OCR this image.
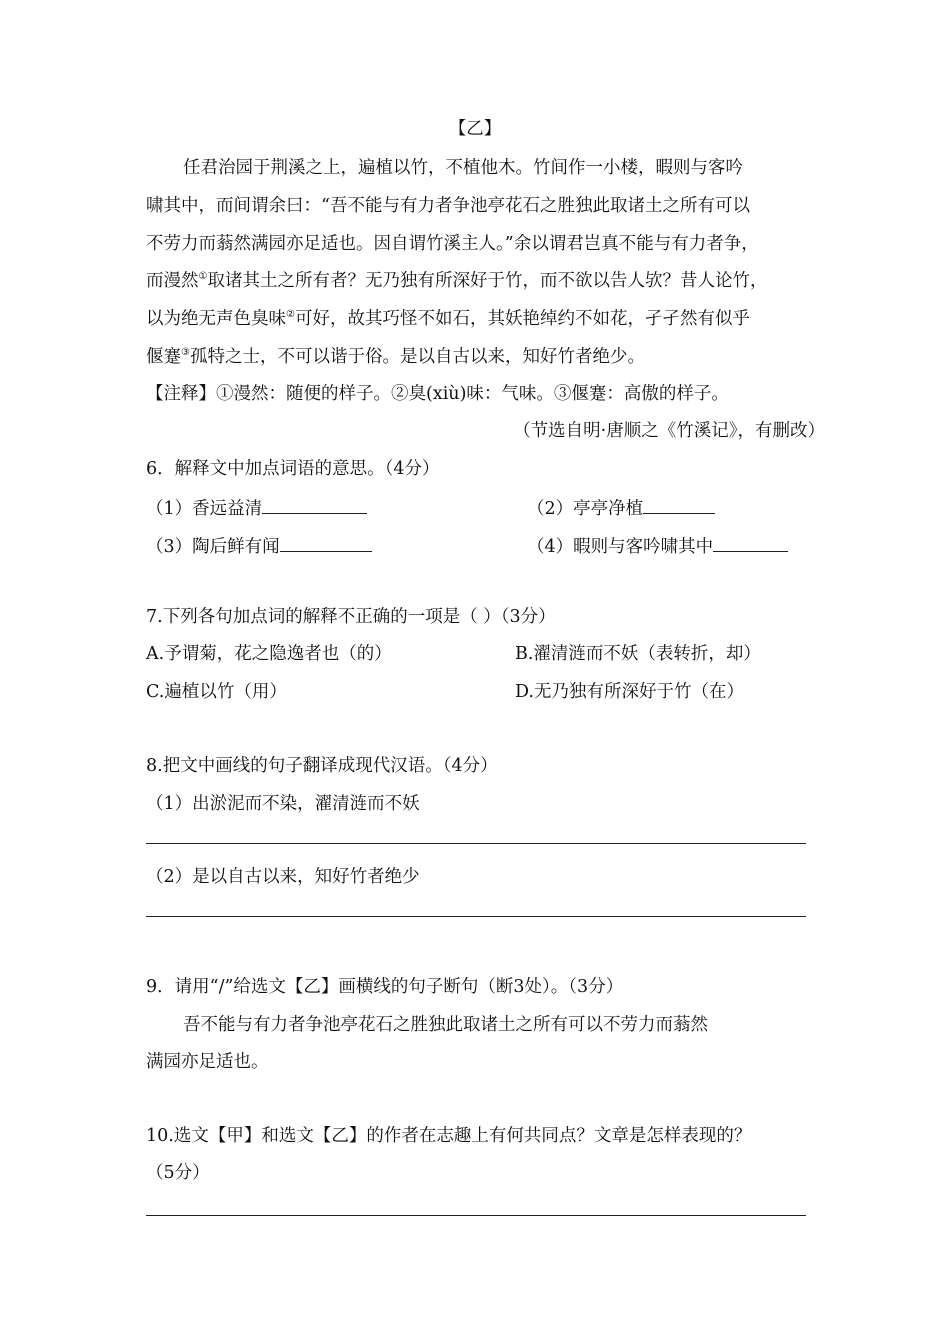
【乙】
任君治园于荆溪之上，遍植以竹，不植他木。竹间作一小楼，暇则与客吟
啸其中，而间谓余曰：“吾不能与有力者争池亭花石之胜独此取诸土之所有可以
不劳力而蓊然满园亦足适也。因自谓竹溪主人。”余以谓君岂真不能与有力者争，
而漫然①取诸其土之所有者？无乃独有所深好于竹，而不欲以告人欤？昔人论竹，
以为绝无声色臭味②可好，故其巧怪不如石，其妖艳绰约不如花，孑孑然有似乎
偃蹇③孤特之士，不可以谐于俗。是以自古以来，知好竹者绝少。
【注释】①漫然：随便的样子。②臭(xiù)味：气味。③偃蹇：高傲的样子。
（节选自明·唐顺之《竹溪记》，有删改）
6．解释文中加点词语的意思。（4分）
（1）香远益清	（2）亭亭净植
（3）陶后鲜有闻	（4）暇则与客吟啸其中
7.下列各句加点词的解释不正确的一项是（ ）（3分）
A.予谓菊，花之隐逸者也（的）	B.濯清涟而不妖（表转折，却）
C.遍植以竹（用）	D.无乃独有所深好于竹（在）
8.把文中画线的句子翻译成现代汉语。（4分）
（1）出淤泥而不染，濯清涟而不妖
（2）是以自古以来，知好竹者绝少
9．请用“/”给选文【乙】画横线的句子断句（断3处）。（3分）
吾不能与有力者争池亭花石之胜独此取诸土之所有可以不劳力而蓊然
满园亦足适也。
10.选文【甲】和选文【乙】的作者在志趣上有何共同点？文章是怎样表现的？
（5分）
